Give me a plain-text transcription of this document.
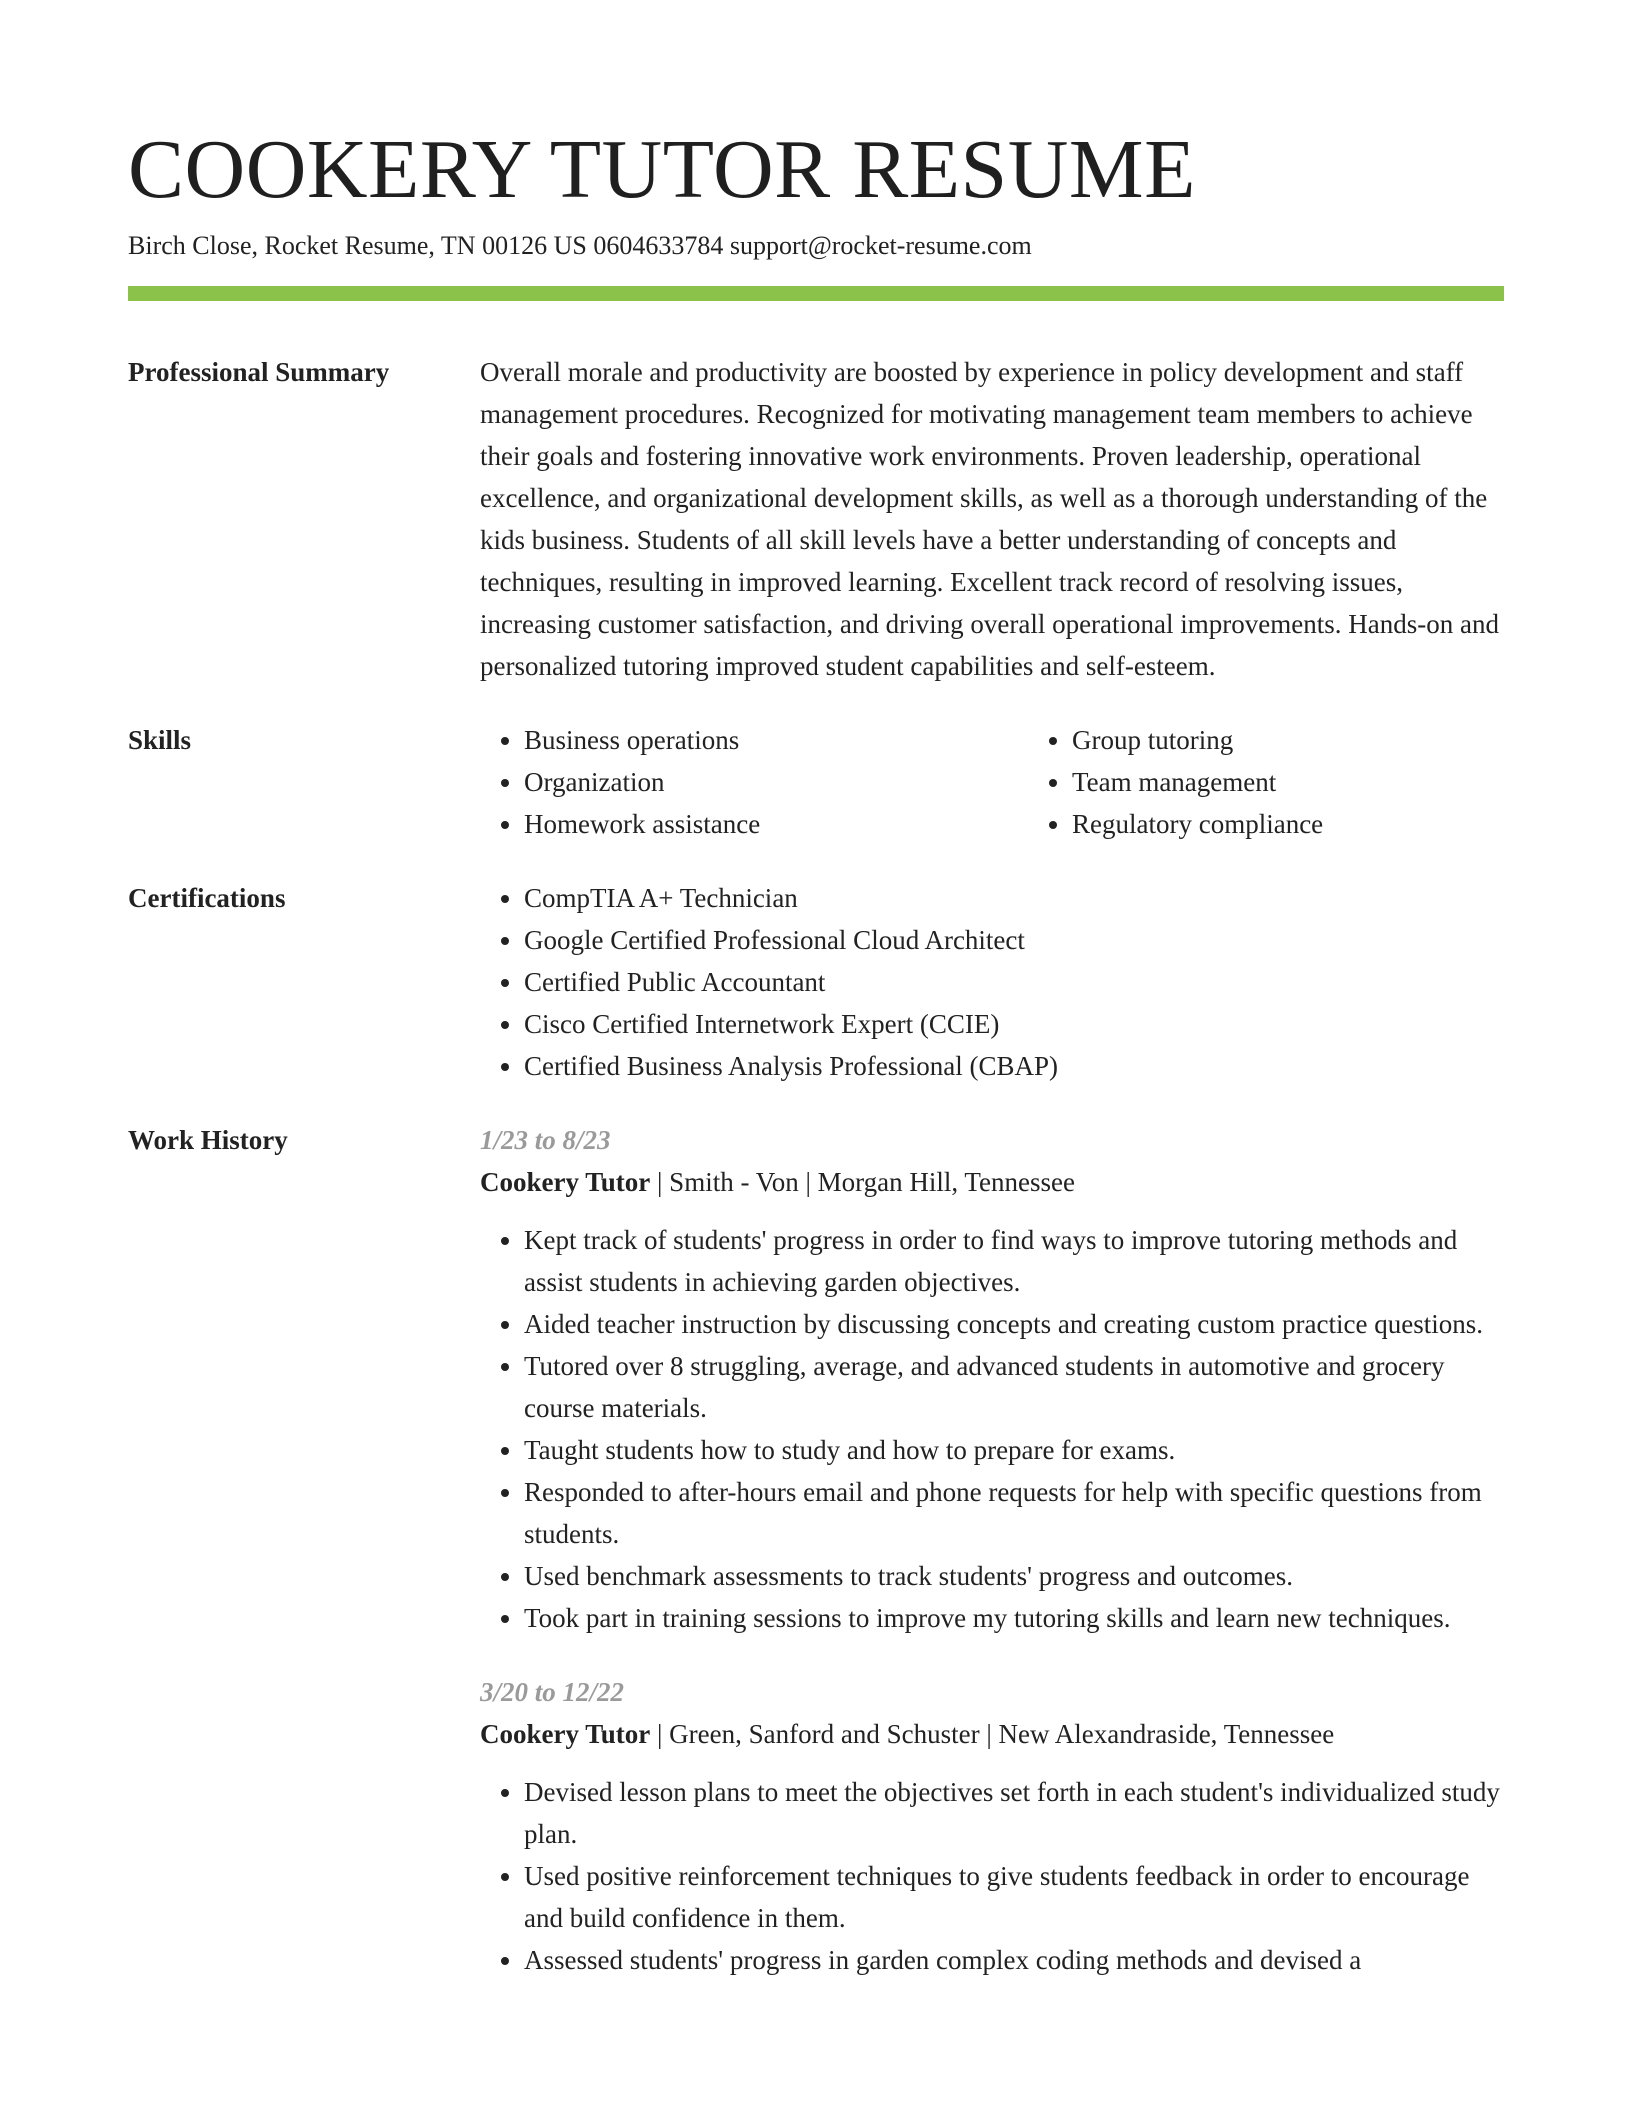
COOKERY TUTOR RESUME
Birch Close, Rocket Resume, TN 00126 US 0604633784 support@rocket-resume.com
Professional Summary	Overall morale and productivity are boosted by experience in policy development and staff management procedures. Recognized for motivating management team members to achieve their goals and fostering innovative work environments. Proven leadership, operational excellence, and organizational development skills, as well as a thorough understanding of the kids business. Students of all skill levels have a better understanding of concepts and techniques, resulting in improved learning. Excellent track record of resolving issues, increasing customer satisfaction, and driving overall operational improvements. Hands-on and personalized tutoring improved student capabilities and self-esteem.

Skills	• Business operations
• Organization
• Homework assistance
• Group tutoring
• Team management
• Regulatory compliance
Certifications	• CompTIA A+ Technician
• Google Certified Professional Cloud Architect
• Certified Public Accountant
• Cisco Certified Internetwork Expert (CCIE)
• Certified Business Analysis Professional (CBAP)
Work History	1/23 to 8/23
Cookery Tutor | Smith - Von | Morgan Hill, Tennessee
• Kept track of students' progress in order to find ways to improve tutoring methods and assist students in achieving garden objectives.
• Aided teacher instruction by discussing concepts and creating custom practice questions.
• Tutored over 8 struggling, average, and advanced students in automotive and grocery course materials.
• Taught students how to study and how to prepare for exams.
• Responded to after-hours email and phone requests for help with specific questions from students.
• Used benchmark assessments to track students' progress and outcomes.
• Took part in training sessions to improve my tutoring skills and learn new techniques.
3/20 to 12/22
Cookery Tutor | Green, Sanford and Schuster | New Alexandraside, Tennessee
• Devised lesson plans to meet the objectives set forth in each student's individualized study plan.
• Used positive reinforcement techniques to give students feedback in order to encourage and build confidence in them.
• Assessed students' progress in garden complex coding methods and devised a
